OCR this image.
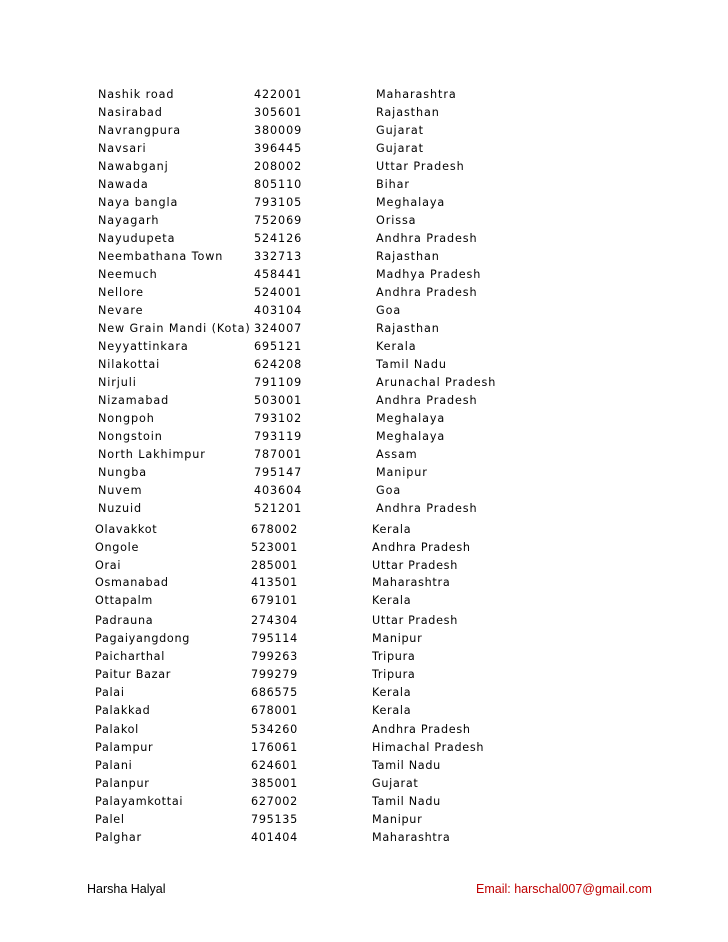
Nashik road	422001	Maharashtra
Nasirabad	305601	Rajasthan
Navrangpura	380009	Gujarat
Navsari	396445	Gujarat
Nawabganj	208002	Uttar Pradesh
Nawada	805110	Bihar
Naya bangla	793105	Meghalaya
Nayagarh	752069	Orissa
Nayudupeta	524126	Andhra Pradesh
Neembathana Town	332713	Rajasthan
Neemuch	458441	Madhya Pradesh
Nellore	524001	Andhra Pradesh
Nevare	403104	Goa
New Grain Mandi (Kota) 324007	Rajasthan
Neyyattinkara	695121	Kerala
Nilakottai	624208	Tamil Nadu
Nirjuli	791109	Arunachal Pradesh
Nizamabad	503001	Andhra Pradesh
Nongpoh	793102	Meghalaya
Nongstoin	793119	Meghalaya
North Lakhimpur	787001	Assam
Nungba	795147	Manipur
Nuvem	403604	Goa
Nuzuid	521201	Andhra Pradesh
Olavakkot	678002	Kerala
Ongole	523001	Andhra Pradesh
Orai	285001	Uttar Pradesh
Osmanabad	413501	Maharashtra
Ottapalm	679101	Kerala
Padrauna	274304	Uttar Pradesh
Pagaiyangdong	795114	Manipur
Paicharthal	799263	Tripura
Paitur Bazar	799279	Tripura
Palai	686575	Kerala
Palakkad	678001	Kerala
Palakol	534260	Andhra Pradesh
Palampur	176061	Himachal Pradesh
Palani	624601	Tamil Nadu
Palanpur	385001	Gujarat
Palayamkottai	627002	Tamil Nadu
Palel	795135	Manipur
Palghar	401404	Maharashtra
Harsha Halyal	Email: harschal007@gmail.com
